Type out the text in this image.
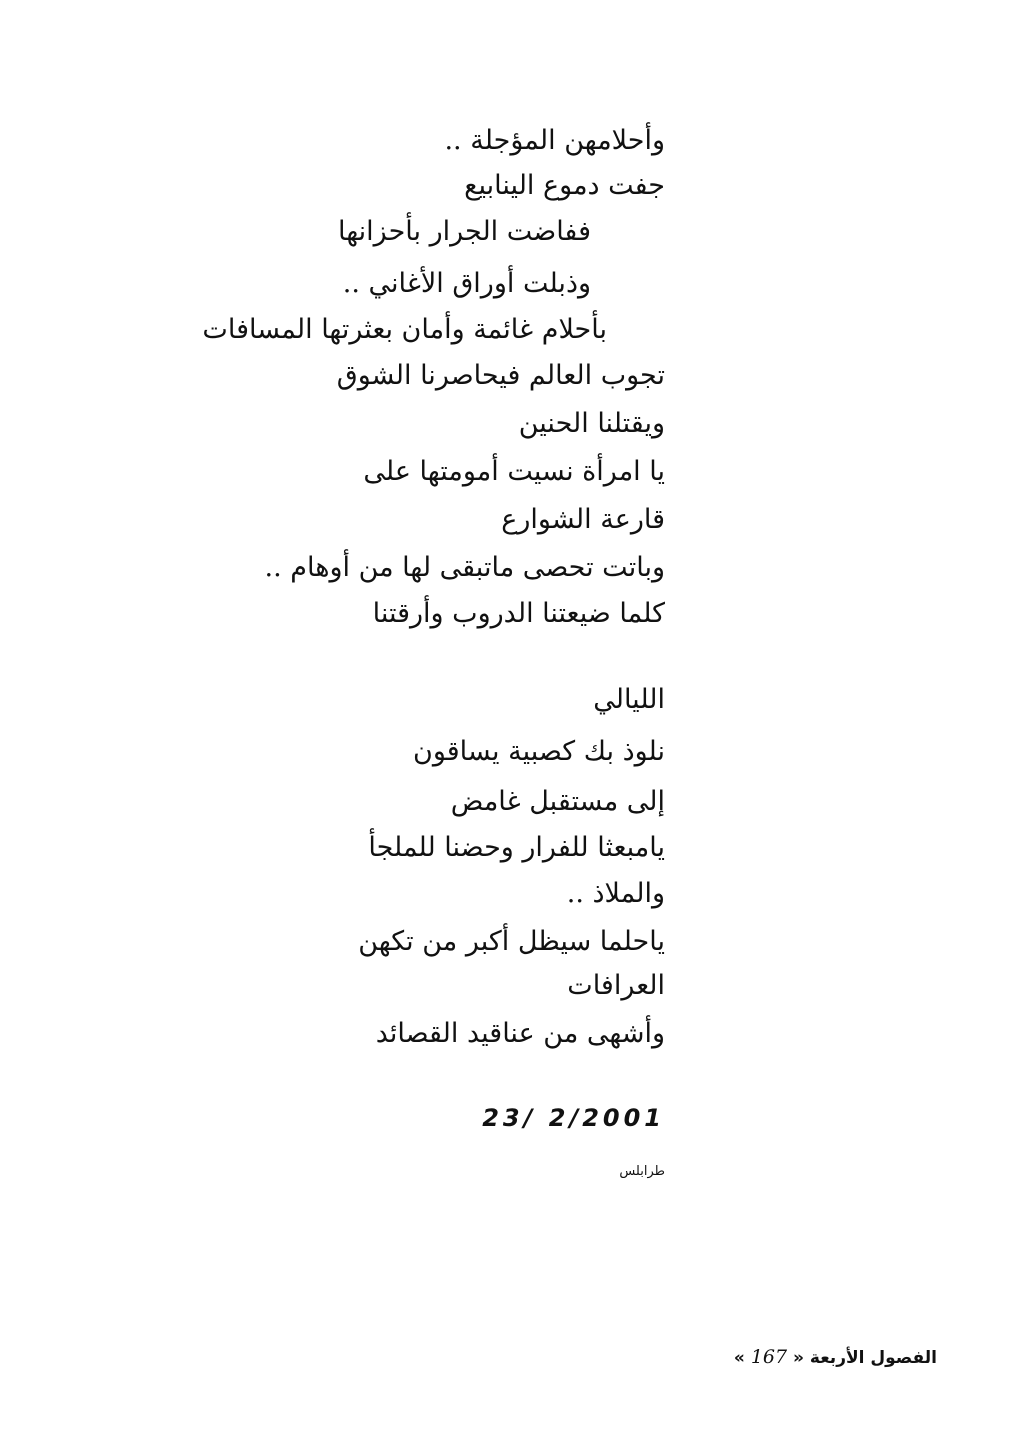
وأحلامهن المؤجلة ..
جفت دموع الينابيع
ففاضت الجرار بأحزانها
وذبلت أوراق الأغاني ..
بأحلام غائمة وأمان بعثرتها المسافات
تجوب العالم فيحاصرنا الشوق
ويقتلنا الحنين
يا امرأة نسيت أمومتها على
قارعة الشوارع
وباتت تحصى ماتبقى لها من أوهام ..
كلما ضيعتنا الدروب وأرقتنا
الليالي
نلوذ بك كصبية يساقون
إلى مستقبل غامض
يامبعثا للفرار وحضنا للملجأ
والملاذ ..
ياحلما سيظل أكبر من تكهن
العرافات
وأشهى من عناقيد القصائد
23/ 2/2001
طرابلس
الفصول الأربعة « 167 »
